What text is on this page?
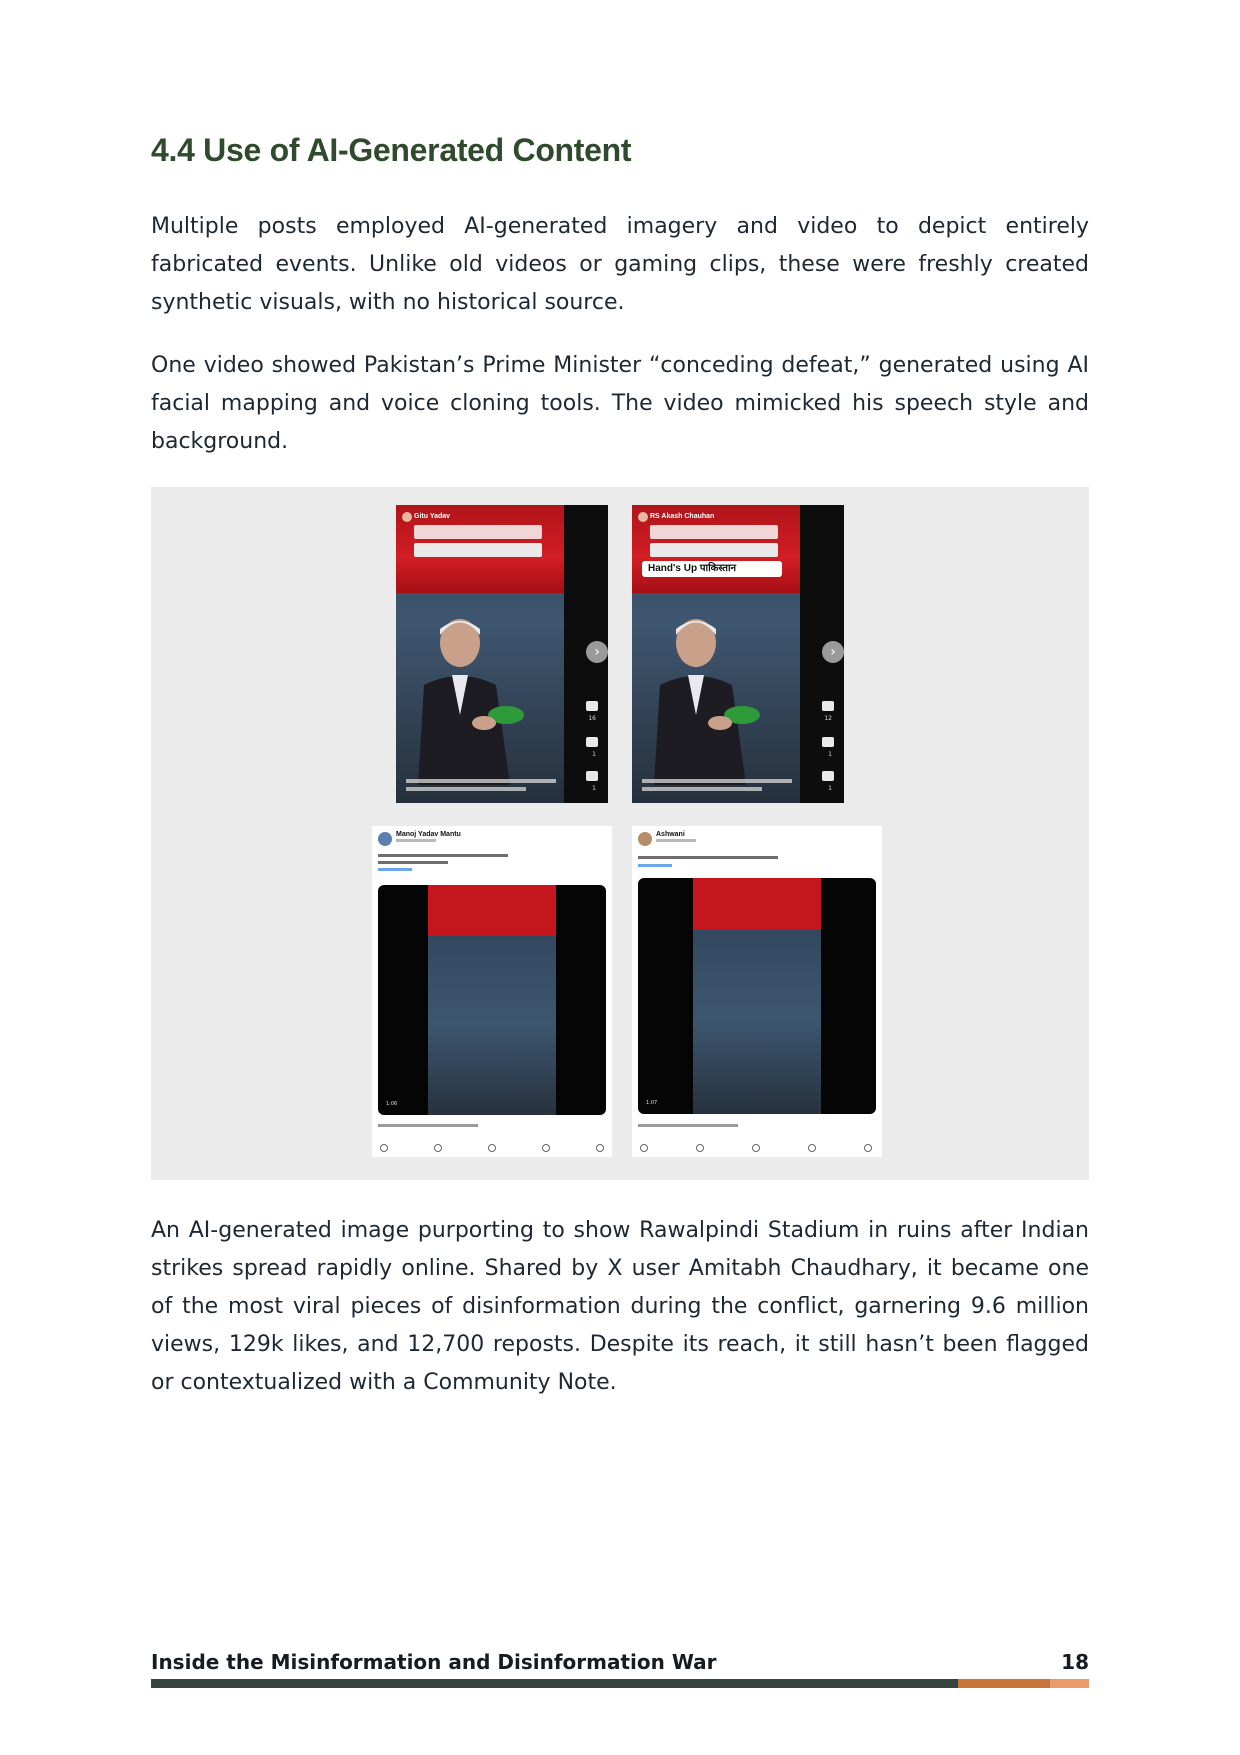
4.4 Use of AI-Generated Content

Multiple posts employed AI-generated imagery and video to depict entirely fabricated events. Unlike old videos or gaming clips, these were freshly created synthetic visuals, with no historical source.

One video showed Pakistan’s Prime Minister “conceding defeat,” generated using AI facial mapping and voice cloning tools. The video mimicked his speech style and background.

Gitu Yadav
›
16
1
1
RS Akash Chauhan
Hand's Up पाकिस्तान
›
12
1
1
Manoj Yadav Mantu
1:06
Ashwani
1:07

An AI-generated image purporting to show Rawalpindi Stadium in ruins after Indian strikes spread rapidly online. Shared by X user Amitabh Chaudhary, it became one of the most viral pieces of disinformation during the conflict, garnering 9.6 million views, 129k likes, and 12,700 reposts. Despite its reach, it still hasn’t been flagged or contextualized with a Community Note.

Inside the Misinformation and Disinformation War	18
